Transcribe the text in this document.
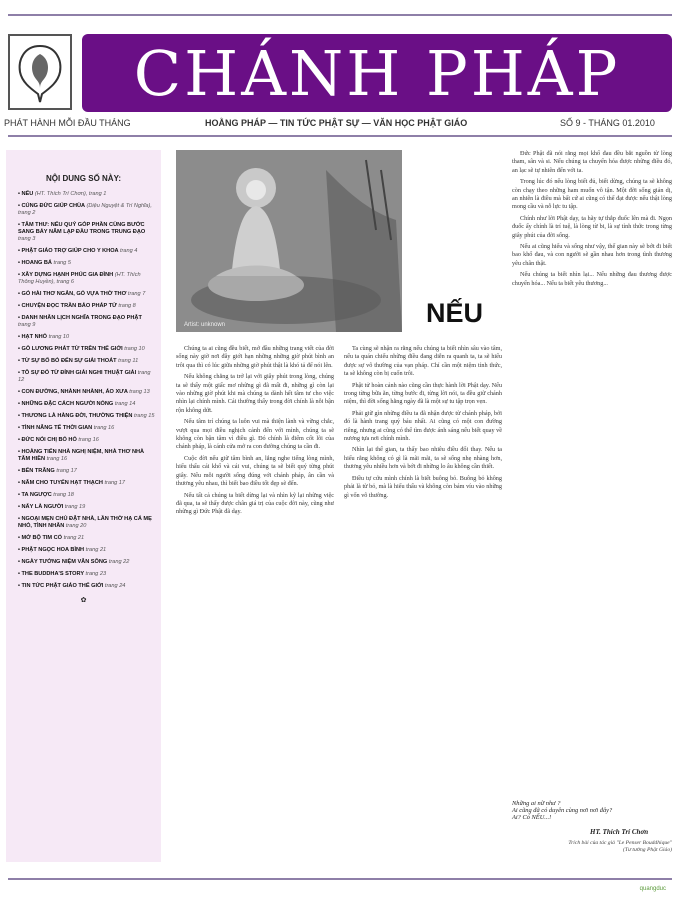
CHÁNH PHÁP
PHÁT HÀNH MỖI ĐẦU THÁNG	HOẰNG PHÁP — TIN TỨC PHẬT SỰ — VĂN HỌC PHẬT GIÁO	SỐ 9 - THÁNG 01.2010
NỘI DUNG SỐ NÀY:
• NẾU (HT. Thích Trí Chơn), trang 1
• CÚNG ĐỨC GIÚP CHÙA (Diệu Nguyệt & Trí Nghĩa), trang 2
• TÂM THƯ: NẾU QUÝ GÓP PHẦN CÙNG BƯỚC SANG BẢY NĂM LẠP ĐẦU TRONG TRUNG ĐẠO trang 3
• PHẬT GIÁO TRỢ GIÚP CHO Y KHOA trang 4
• HOANG BÁ trang 5
• XÂY DỰNG HẠNH PHÚC GIA ĐÌNH (HT. Thích Thông Huyền), trang 6
• GÓ HÀI THƠ NGẮN, GÓ VỰA THỜ THƠ trang 7
• CHUYỆN ĐỌC TRẦN BẢO PHÁP TỨ trang 8
• DANH NHÂN LỊCH NGHĨA TRONG ĐẠO PHẬT trang 9
• HẠT NHỎ trang 10
• GỖ LƯƠNG PHÁT TỪ TRÊN THẾ GIỚI trang 10
• TỪ SỰ BỐ BỎ ĐẾN SỰ GIẢI THOÁT trang 11
• TÔ SỰ ĐÓ TỪ ĐỈNH GIẢI NGHI THUẬT GIẢI trang 12
• CON ĐƯỜNG, NHÀNH NHÀNH, ÁO XƯA trang 13
• NHỮNG ĐẶC CÁCH NGƯỜI NÓNG trang 14
• THƯƠNG LÀ HÀNG ĐỜI, THƯỜNG THIỆN trang 15
• TÌNH NĂNG TẾ THỜI GIAN trang 16
• ĐỨC NÓI CHỊ BÓ HÓ trang 16
• HOÀNG TIẾN NHÀ NGHỊ NIỆM, NHÀ THƠ NHÀ TÂM HIỀN trang 16
• BẾN TRĂNG trang 17
• NĂM CHO TUYẾN HẠT THẠCH trang 17
• TA NGƯỢC trang 18
• NẤY LÀ NGƯỜI trang 19
• NGOẠI MẸN CHỦ ĐẶT NHÀ, LẦN THỜ HẠ CÁ MẸ NHỎ, TÌNH NHÂN trang 20
• MỞ BỘ TIM CỔ trang 21
• PHẬT NGỌC HOA BÌNH trang 21
• NGÀY TƯỞNG NIỆM VĂN SÔNG trang 22
• THE BUDDHA'S STORY trang 23
• TIN TỨC PHẬT GIÁO THẾ GIỚI trang 24
✿
Artist: unknown	NẾU

Chúng ta ai cũng đều biết, mở đầu những trang viết của đời sống này giờ nơi đây giới hạn những những giờ phút bình an trôi qua thì có lúc giữa những giờ phút thật là khó tả để nói lên.

Nếu không chẳng ta trở lại với giây phút trong lòng, chúng ta sẽ thấy một giấc mơ những gì đã mất đi, những gì còn lại vào những giờ phút khi mà chúng ta dành hết tâm tư cho việc nhìn lại chính mình. Cái thường thấy trong đời chính là nỗi bận rộn không dứt.

Nếu tâm trí chúng ta luôn vui mà thiện lành và vững chắc, vượt qua mọi điều nghịch cảnh đến với mình, chúng ta sẽ không còn bận tâm vì điều gì. Đó chính là điểm cốt lõi của chánh pháp, là cánh cửa mở ra con đường chúng ta cần đi.

Cuộc đời nếu giữ tâm bình an, lắng nghe tiếng lòng mình, hiểu thấu cái khổ và cái vui, chúng ta sẽ biết quý từng phút giây. Nếu mỗi người sống đúng với chánh pháp, ân cần và thương yêu nhau, thì biết bao điều tốt đẹp sẽ đến.

Nếu tất cả chúng ta biết dừng lại và nhìn kỹ lại những việc đã qua, ta sẽ thấy được chân giá trị của cuộc đời này, cũng như những gì Đức Phật đã dạy.

Ta cùng sẽ nhận ra rằng nếu chúng ta biết nhìn sâu vào tâm, nếu ta quán chiếu những điều đang diễn ra quanh ta, ta sẽ hiểu được sự vô thường của vạn pháp. Chỉ cần một niệm tỉnh thức, ta sẽ không còn bị cuốn trôi.

Phật tử hoàn cảnh nào cũng cần thực hành lời Phật dạy. Nếu trong từng bữa ăn, từng bước đi, từng lời nói, ta đều giữ chánh niệm, thì đời sống hằng ngày đã là một sự tu tập trọn vẹn.

Phải giữ gìn những điều ta đã nhận được từ chánh pháp, bởi đó là hành trang quý báu nhất. Ai cũng có một con đường riêng, nhưng ai cũng có thể tìm được ánh sáng nếu biết quay về nương tựa nơi chính mình.

Nhìn lại thế gian, ta thấy bao nhiêu điều đổi thay. Nếu ta hiểu rằng không có gì là mãi mãi, ta sẽ sống nhẹ nhàng hơn, thương yêu nhiều hơn và bớt đi những lo âu không cần thiết.

Điều tự cứu mình chính là biết buông bỏ. Buông bỏ không phải là từ bỏ, mà là hiểu thấu và không còn bám víu vào những gì vốn vô thường.

Đức Phật đã nói rằng mọi khổ đau đều bắt nguồn từ lòng tham, sân và si. Nếu chúng ta chuyển hóa được những điều đó, an lạc sẽ tự nhiên đến với ta.

Trong lúc đó nếu lòng biết đủ, biết dừng, chúng ta sẽ không còn chạy theo những ham muốn vô tận. Một đời sống giản dị, an nhiên là điều mà bất cứ ai cũng có thể đạt được nếu thật lòng mong cầu và nỗ lực tu tập.

Chính như lời Phật dạy, ta hãy tự thắp đuốc lên mà đi. Ngọn đuốc ấy chính là trí tuệ, là lòng từ bi, là sự tỉnh thức trong từng giây phút của đời sống.

Nếu ai cũng hiểu và sống như vậy, thế gian này sẽ bớt đi biết bao khổ đau, và con người sẽ gần nhau hơn trong tình thương yêu chân thật.

Nếu chúng ta biết nhìn lại... Nếu những đau thương được chuyển hóa... Nếu ta biết yêu thương...

Những ai nữ như ?
Ai cũng đã có duyên cùng nơi nơi đây?
Ai? Có NẾU...!
HT. Thích Trí Chơn
Trích bài của tác giả "Le Penser Bouddhique" (Tư tưởng Phật Giáo)
quangduc
